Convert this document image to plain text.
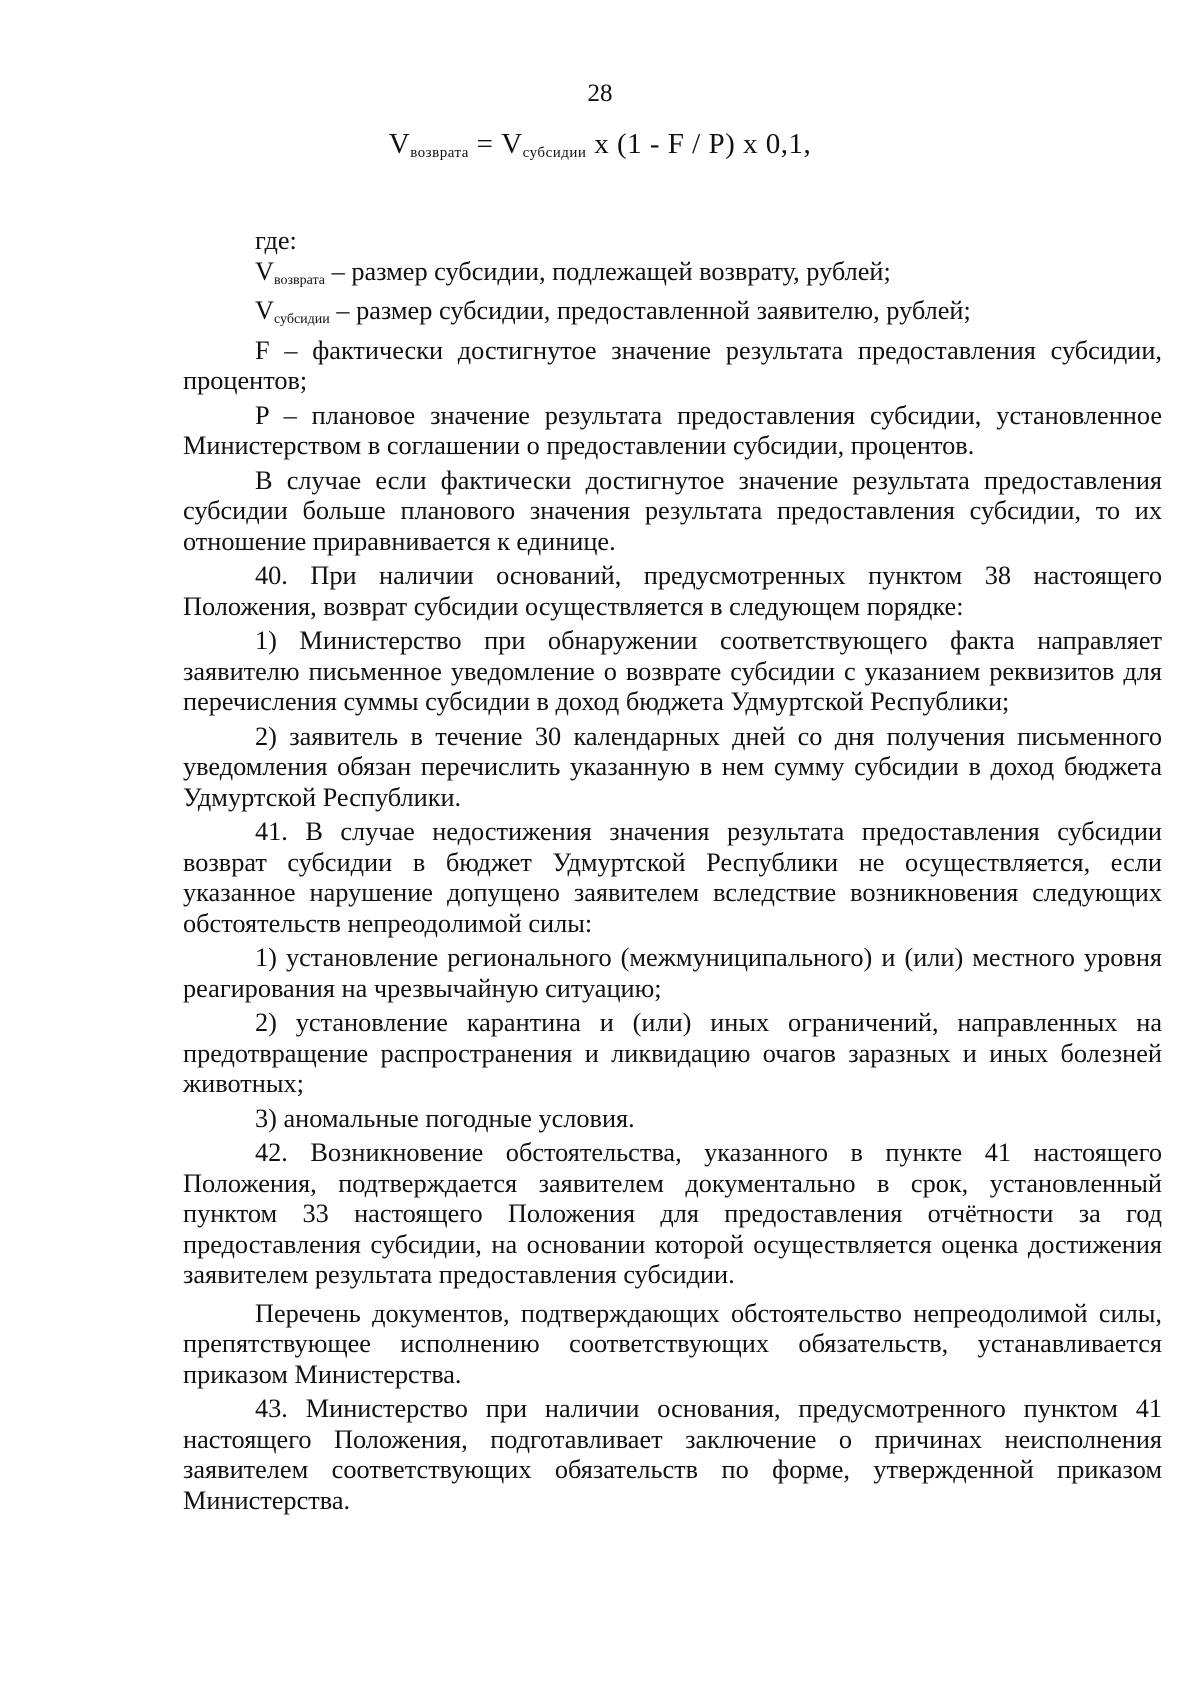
28
$V_{возврата} = V_{субсидии}$ x (1 - F / P) x 0,1,

где:

$V_{возврата}$ – размер субсидии, подлежащей возврату, рублей;

$V_{субсидии}$ – размер субсидии, предоставленной заявителю, рублей;

F – фактически достигнутое значение результата предоставления субсидии, процентов;

P – плановое значение результата предоставления субсидии, установленное Министерством в соглашении о предоставлении субсидии, процентов.

В случае если фактически достигнутое значение результата предоставления субсидии больше планового значения результата предоставления субсидии, то их отношение приравнивается к единице.

40. При наличии оснований, предусмотренных пунктом 38 настоящего Положения, возврат субсидии осуществляется в следующем порядке:

1) Министерство при обнаружении соответствующего факта направляет заявителю письменное уведомление о возврате субсидии с указанием реквизитов для перечисления суммы субсидии в доход бюджета Удмуртской Республики;

2) заявитель в течение 30 календарных дней со дня получения письменного уведомления обязан перечислить указанную в нем сумму субсидии в доход бюджета Удмуртской Республики.

41. В случае недостижения значения результата предоставления субсидии возврат субсидии в бюджет Удмуртской Республики не осуществляется, если указанное нарушение допущено заявителем вследствие возникновения следующих обстоятельств непреодолимой силы:

1) установление регионального (межмуниципального) и (или) местного уровня реагирования на чрезвычайную ситуацию;

2) установление карантина и (или) иных ограничений, направленных на предотвращение распространения и ликвидацию очагов заразных и иных болезней животных;

3) аномальные погодные условия.

42. Возникновение обстоятельства, указанного в пункте 41 настоящего Положения, подтверждается заявителем документально в срок, установленный пунктом 33 настоящего Положения для предоставления отчётности за год предоставления субсидии, на основании которой осуществляется оценка достижения заявителем результата предоставления субсидии.

Перечень документов, подтверждающих обстоятельство непреодолимой силы, препятствующее исполнению соответствующих обязательств, устанавливается приказом Министерства.

43. Министерство при наличии основания, предусмотренного пунктом 41 настоящего Положения, подготавливает заключение о причинах неисполнения заявителем соответствующих обязательств по форме, утвержденной приказом Министерства.
